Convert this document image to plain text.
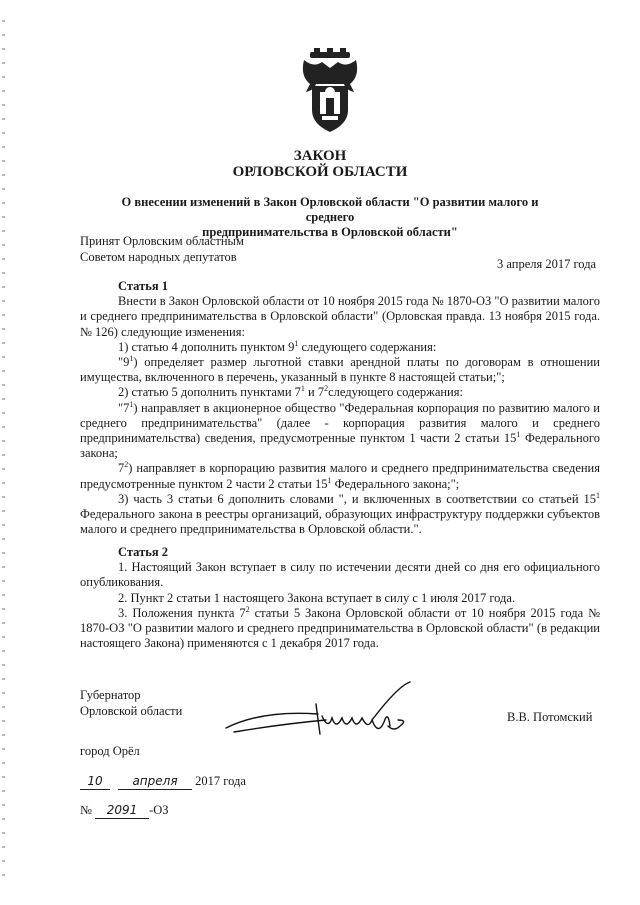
ЗАКОН
ОРЛОВСКОЙ ОБЛАСТИ
О внесении изменений в Закон Орловской области "О развитии малого и среднего
предпринимательства в Орловской области"
Принят Орловским областным
Советом народных депутатов	3 апреля 2017 года

Статья 1

Внести в Закон Орловской области от 10 ноября 2015 года № 1870-ОЗ "О развитии малого и среднего предпринимательства в Орловской области" (Орловская правда. 13 ноября 2015 года. № 126) следующие изменения:

1) статью 4 дополнить пунктом $9^1$ следующего содержания:

"$9^1$) определяет размер льготной ставки арендной платы по договорам в отношении имущества, включенного в перечень, указанный в пункте 8 настоящей статьи;";

2) статью 5 дополнить пунктами $7^1$ и $7^2следующего$ содержания:

"$7^1$) направляет в акционерное общество "Федеральная корпорация по развитию малого и среднего предпринимательства" (далее - корпорация развития малого и среднего предпринимательства) сведения, предусмотренные пунктом 1 части 2 статьи $15^1$ Федерального закона;

$7^2$) направляет в корпорацию развития малого и среднего предпринимательства сведения предусмотренные пунктом 2 части 2 статьи $15^1$ Федерального закона;";

3) часть 3 статьи 6 дополнить словами ", и включенных в соответствии со статьей $15^1$ Федерального закона в реестры организаций, образующих инфраструктуру поддержки субъектов малого и среднего предпринимательства в Орловской области.".

Статья 2

1. Настоящий Закон вступает в силу по истечении десяти дней со дня его официального опубликования.

2. Пункт 2 статьи 1 настоящего Закона вступает в силу с 1 июля 2017 года.

3. Положения пункта $7^2$ статьи 5 Закона Орловской области от 10 ноября 2015 года № 1870-ОЗ "О развитии малого и среднего предпринимательства в Орловской области" (в редакции настоящего Закона) применяются с 1 декабря 2017 года.

Губернатор
Орловской области	В.В. Потомский
город Орёл
10 апреля 2017 года
№ 2091 -ОЗ
